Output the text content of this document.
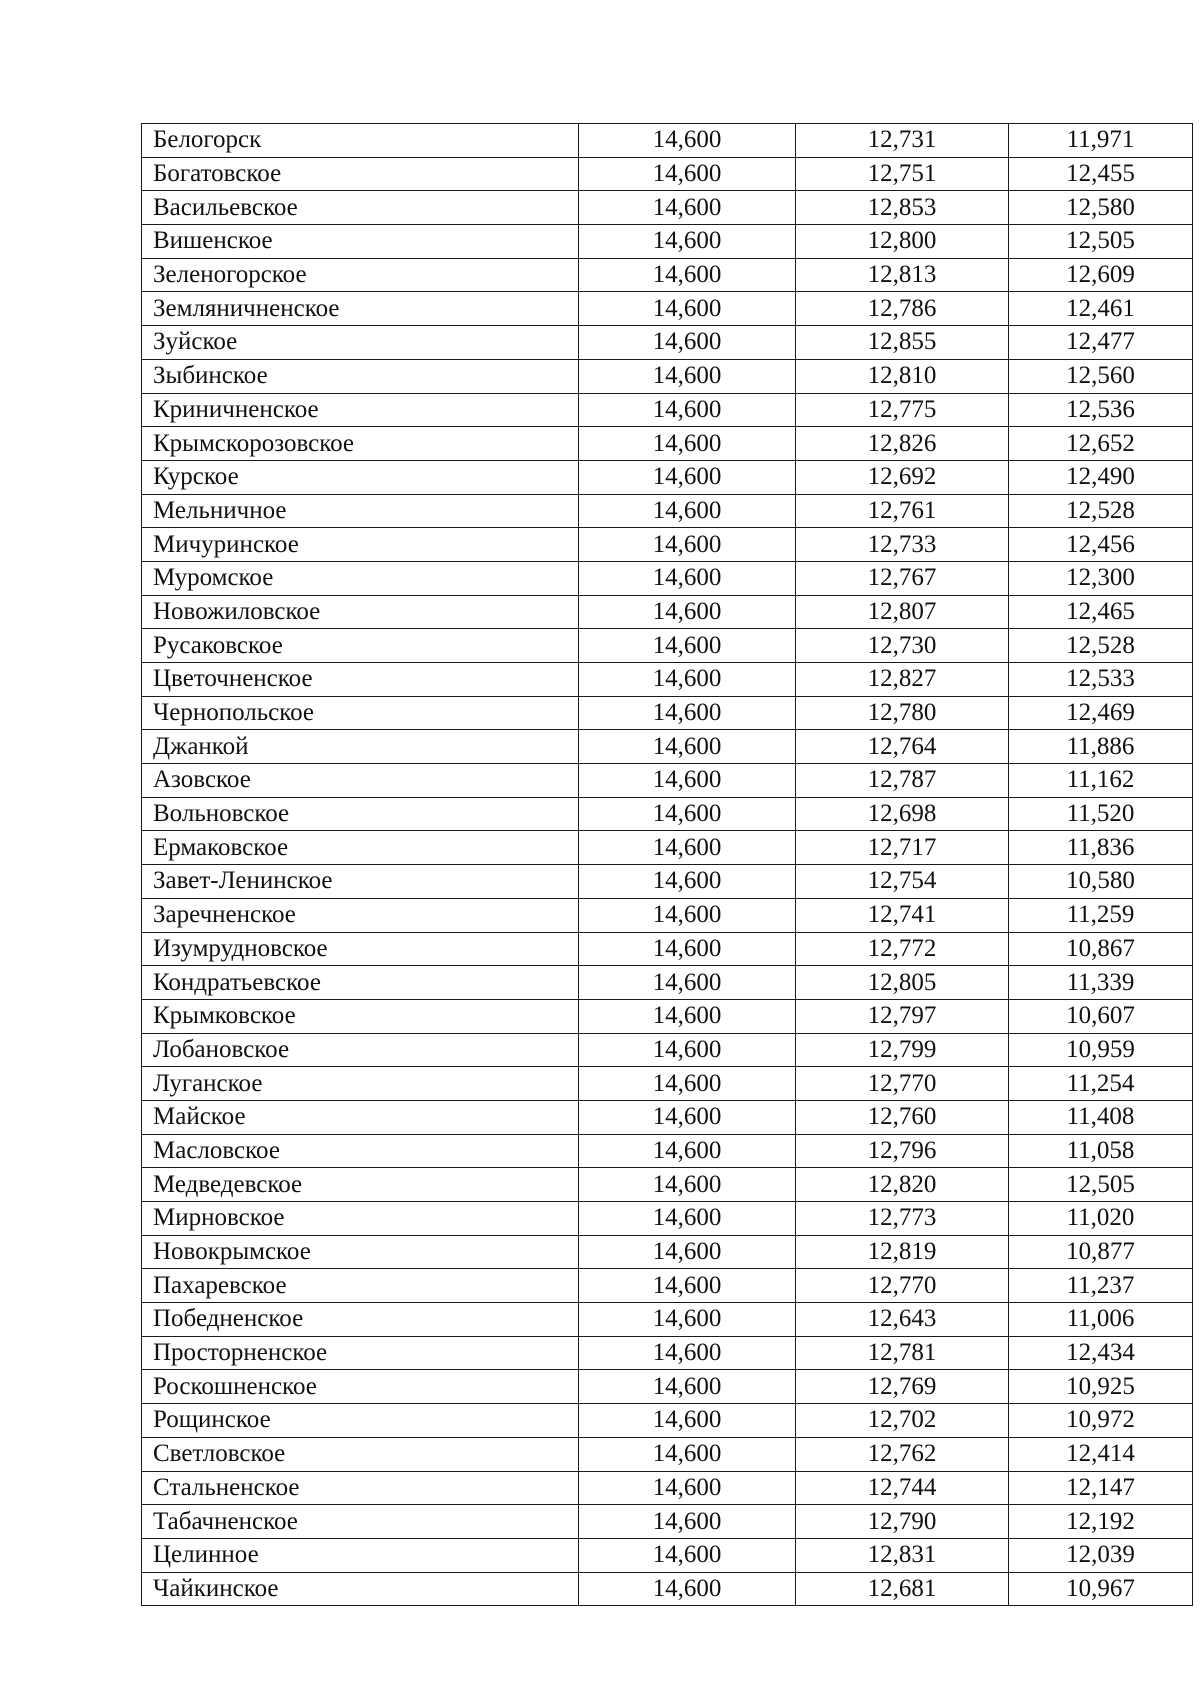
Белогорск	14,600	12,731	11,971
Богатовское	14,600	12,751	12,455
Васильевское	14,600	12,853	12,580
Вишенское	14,600	12,800	12,505
Зеленогорское	14,600	12,813	12,609
Земляничненское	14,600	12,786	12,461
Зуйское	14,600	12,855	12,477
Зыбинское	14,600	12,810	12,560
Криничненское	14,600	12,775	12,536
Крымскорозовское	14,600	12,826	12,652
Курское	14,600	12,692	12,490
Мельничное	14,600	12,761	12,528
Мичуринское	14,600	12,733	12,456
Муромское	14,600	12,767	12,300
Новожиловское	14,600	12,807	12,465
Русаковское	14,600	12,730	12,528
Цветочненское	14,600	12,827	12,533
Чернопольское	14,600	12,780	12,469
Джанкой	14,600	12,764	11,886
Азовское	14,600	12,787	11,162
Вольновское	14,600	12,698	11,520
Ермаковское	14,600	12,717	11,836
Завет-Ленинское	14,600	12,754	10,580
Заречненское	14,600	12,741	11,259
Изумрудновское	14,600	12,772	10,867
Кондратьевское	14,600	12,805	11,339
Крымковское	14,600	12,797	10,607
Лобановское	14,600	12,799	10,959
Луганское	14,600	12,770	11,254
Майское	14,600	12,760	11,408
Масловское	14,600	12,796	11,058
Медведевское	14,600	12,820	12,505
Мирновское	14,600	12,773	11,020
Новокрымское	14,600	12,819	10,877
Пахаревское	14,600	12,770	11,237
Победненское	14,600	12,643	11,006
Просторненское	14,600	12,781	12,434
Роскошненское	14,600	12,769	10,925
Рощинское	14,600	12,702	10,972
Светловское	14,600	12,762	12,414
Стальненское	14,600	12,744	12,147
Табачненское	14,600	12,790	12,192
Целинное	14,600	12,831	12,039
Чайкинское	14,600	12,681	10,967
